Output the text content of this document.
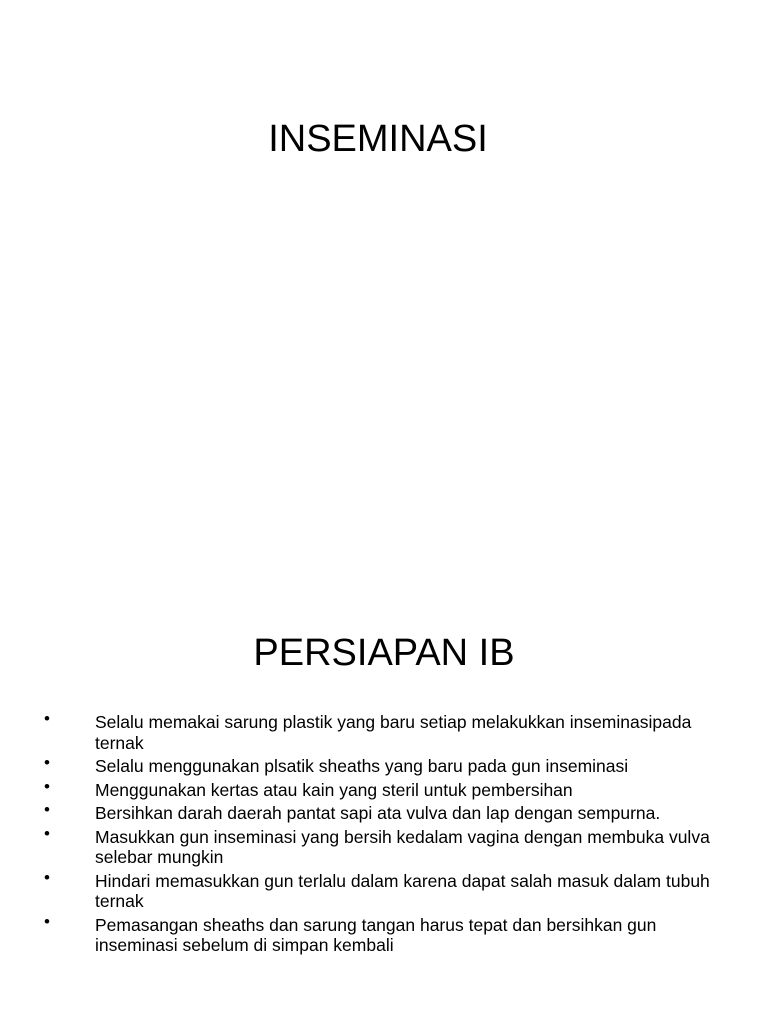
INSEMINASI
PERSIAPAN IB
•	Selalu memakai sarung plastik yang baru setiap melakukkan inseminasipada ternak
•	Selalu menggunakan plsatik sheaths yang baru pada gun inseminasi
•	Menggunakan kertas atau kain yang steril untuk pembersihan
•	Bersihkan darah daerah pantat sapi ata vulva dan lap dengan sempurna.
•	Masukkan gun inseminasi yang bersih kedalam vagina dengan membuka vulva selebar mungkin
•	Hindari memasukkan gun terlalu dalam karena dapat salah masuk dalam tubuh ternak
•	Pemasangan sheaths dan sarung tangan harus tepat dan bersihkan gun inseminasi sebelum di simpan kembali
